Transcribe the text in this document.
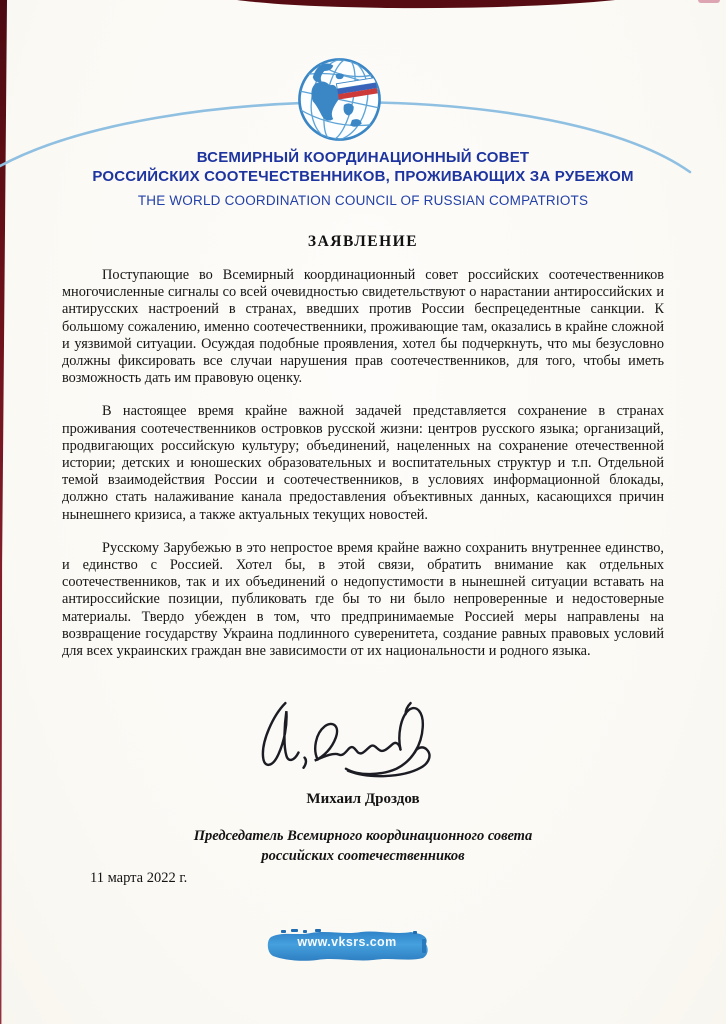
ВСЕМИРНЫЙ КООРДИНАЦИОННЫЙ СОВЕТ
РОССИЙСКИХ СООТЕЧЕСТВЕННИКОВ, ПРОЖИВАЮЩИХ ЗА РУБЕЖОМ
THE WORLD COORDINATION COUNCIL OF RUSSIAN COMPATRIOTS
ЗАЯВЛЕНИЕ

Поступающие во Всемирный координационный совет российских соотечественников многочисленные сигналы со всей очевидностью свидетельствуют о нарастании антироссийских и антирусских настроений в странах, введших против России беспрецедентные санкции. К большому сожалению, именно соотечественники, проживающие там, оказались в крайне сложной и уязвимой ситуации. Осуждая подобные проявления, хотел бы подчеркнуть, что мы безусловно должны фиксировать все случаи нарушения прав соотечественников, для того, чтобы иметь возможность дать им правовую оценку.

В настоящее время крайне важной задачей представляется сохранение в странах проживания соотечественников островков русской жизни: центров русского языка; организаций, продвигающих российскую культуру; объединений, нацеленных на сохранение отечественной истории; детских и юношеских образовательных и воспитательных структур и т.п. Отдельной темой взаимодействия России и соотечественников, в условиях информационной блокады, должно стать налаживание канала предоставления объективных данных, касающихся причин нынешнего кризиса, а также актуальных текущих новостей.

Русскому Зарубежью в это непростое время крайне важно сохранить внутреннее единство, и единство с Россией. Хотел бы, в этой связи, обратить внимание как отдельных соотечественников, так и их объединений о недопустимости в нынешней ситуации вставать на антироссийские позиции, публиковать где бы то ни было непроверенные и недостоверные материалы. Твердо убежден в том, что предпринимаемые Россией меры направлены на возвращение государству Украина подлинного суверенитета, создание равных правовых условий для всех украинских граждан вне зависимости от их национальности и родного языка.

Михаил Дроздов
Председатель Всемирного координационного совета
российских соотечественников
11 марта 2022 г.
www.vksrs.com
